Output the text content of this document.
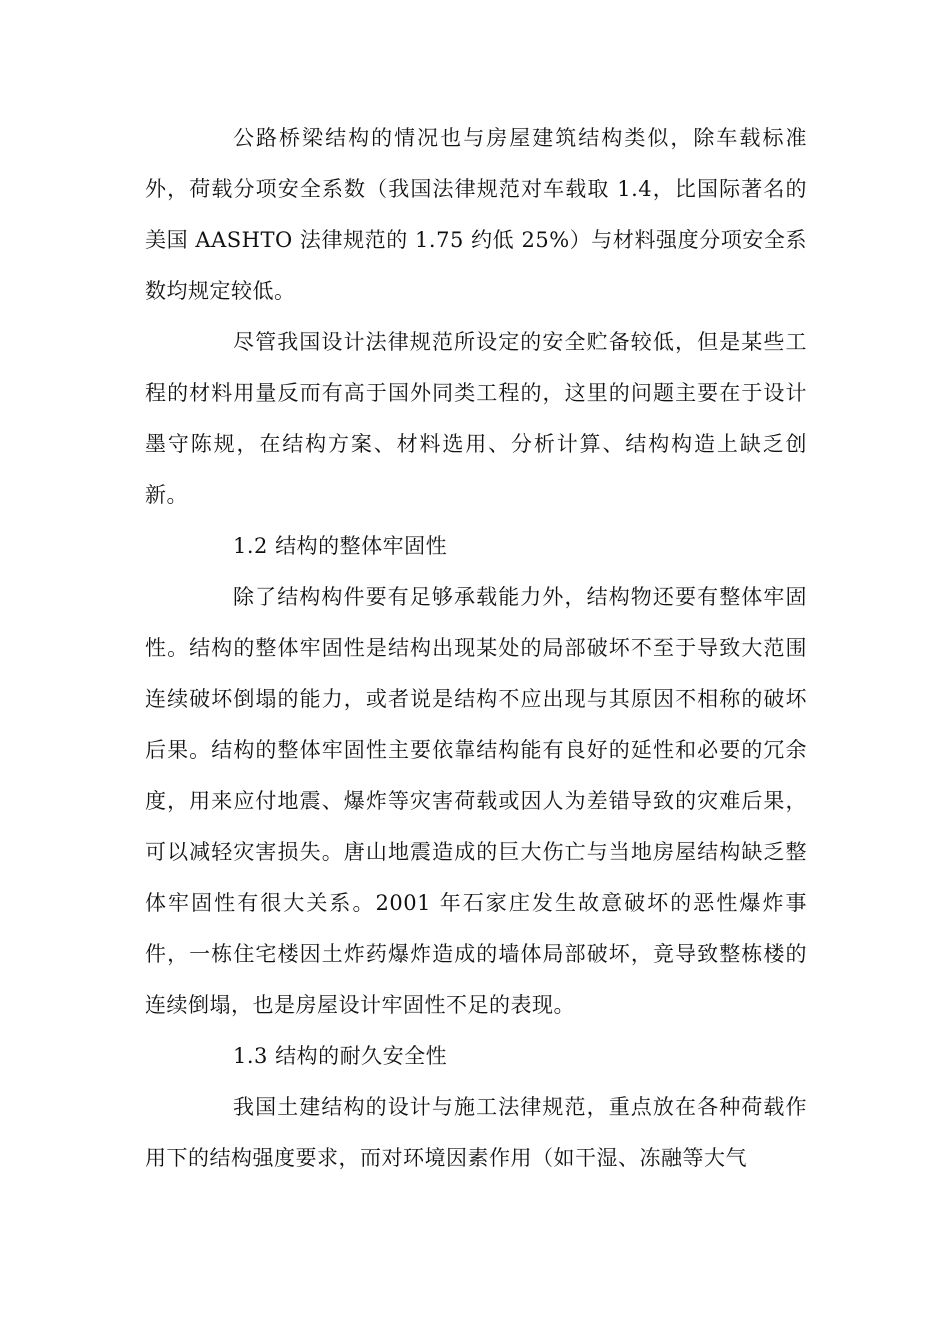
公路桥梁结构的情况也与房屋建筑结构类似，除车载标准外，荷载分项安全系数（我国法律规范对车载取 1.4，比国际著名的美国 AASHTO 法律规范的 1.75 约低 25%）与材料强度分项安全系数均规定较低。

尽管我国设计法律规范所设定的安全贮备较低，但是某些工程的材料用量反而有高于国外同类工程的，这里的问题主要在于设计墨守陈规，在结构方案、材料选用、分析计算、结构构造上缺乏创新。

1.2 结构的整体牢固性

除了结构构件要有足够承载能力外，结构物还要有整体牢固性。结构的整体牢固性是结构出现某处的局部破坏不至于导致大范围连续破坏倒塌的能力，或者说是结构不应出现与其原因不相称的破坏后果。结构的整体牢固性主要依靠结构能有良好的延性和必要的冗余度，用来应付地震、爆炸等灾害荷载或因人为差错导致的灾难后果，可以减轻灾害损失。唐山地震造成的巨大伤亡与当地房屋结构缺乏整体牢固性有很大关系。2001 年石家庄发生故意破坏的恶性爆炸事件，一栋住宅楼因土炸药爆炸造成的墙体局部破坏，竟导致整栋楼的连续倒塌，也是房屋设计牢固性不足的表现。

1.3 结构的耐久安全性

我国土建结构的设计与施工法律规范，重点放在各种荷载作用下的结构强度要求，而对环境因素作用（如干湿、冻融等大气
